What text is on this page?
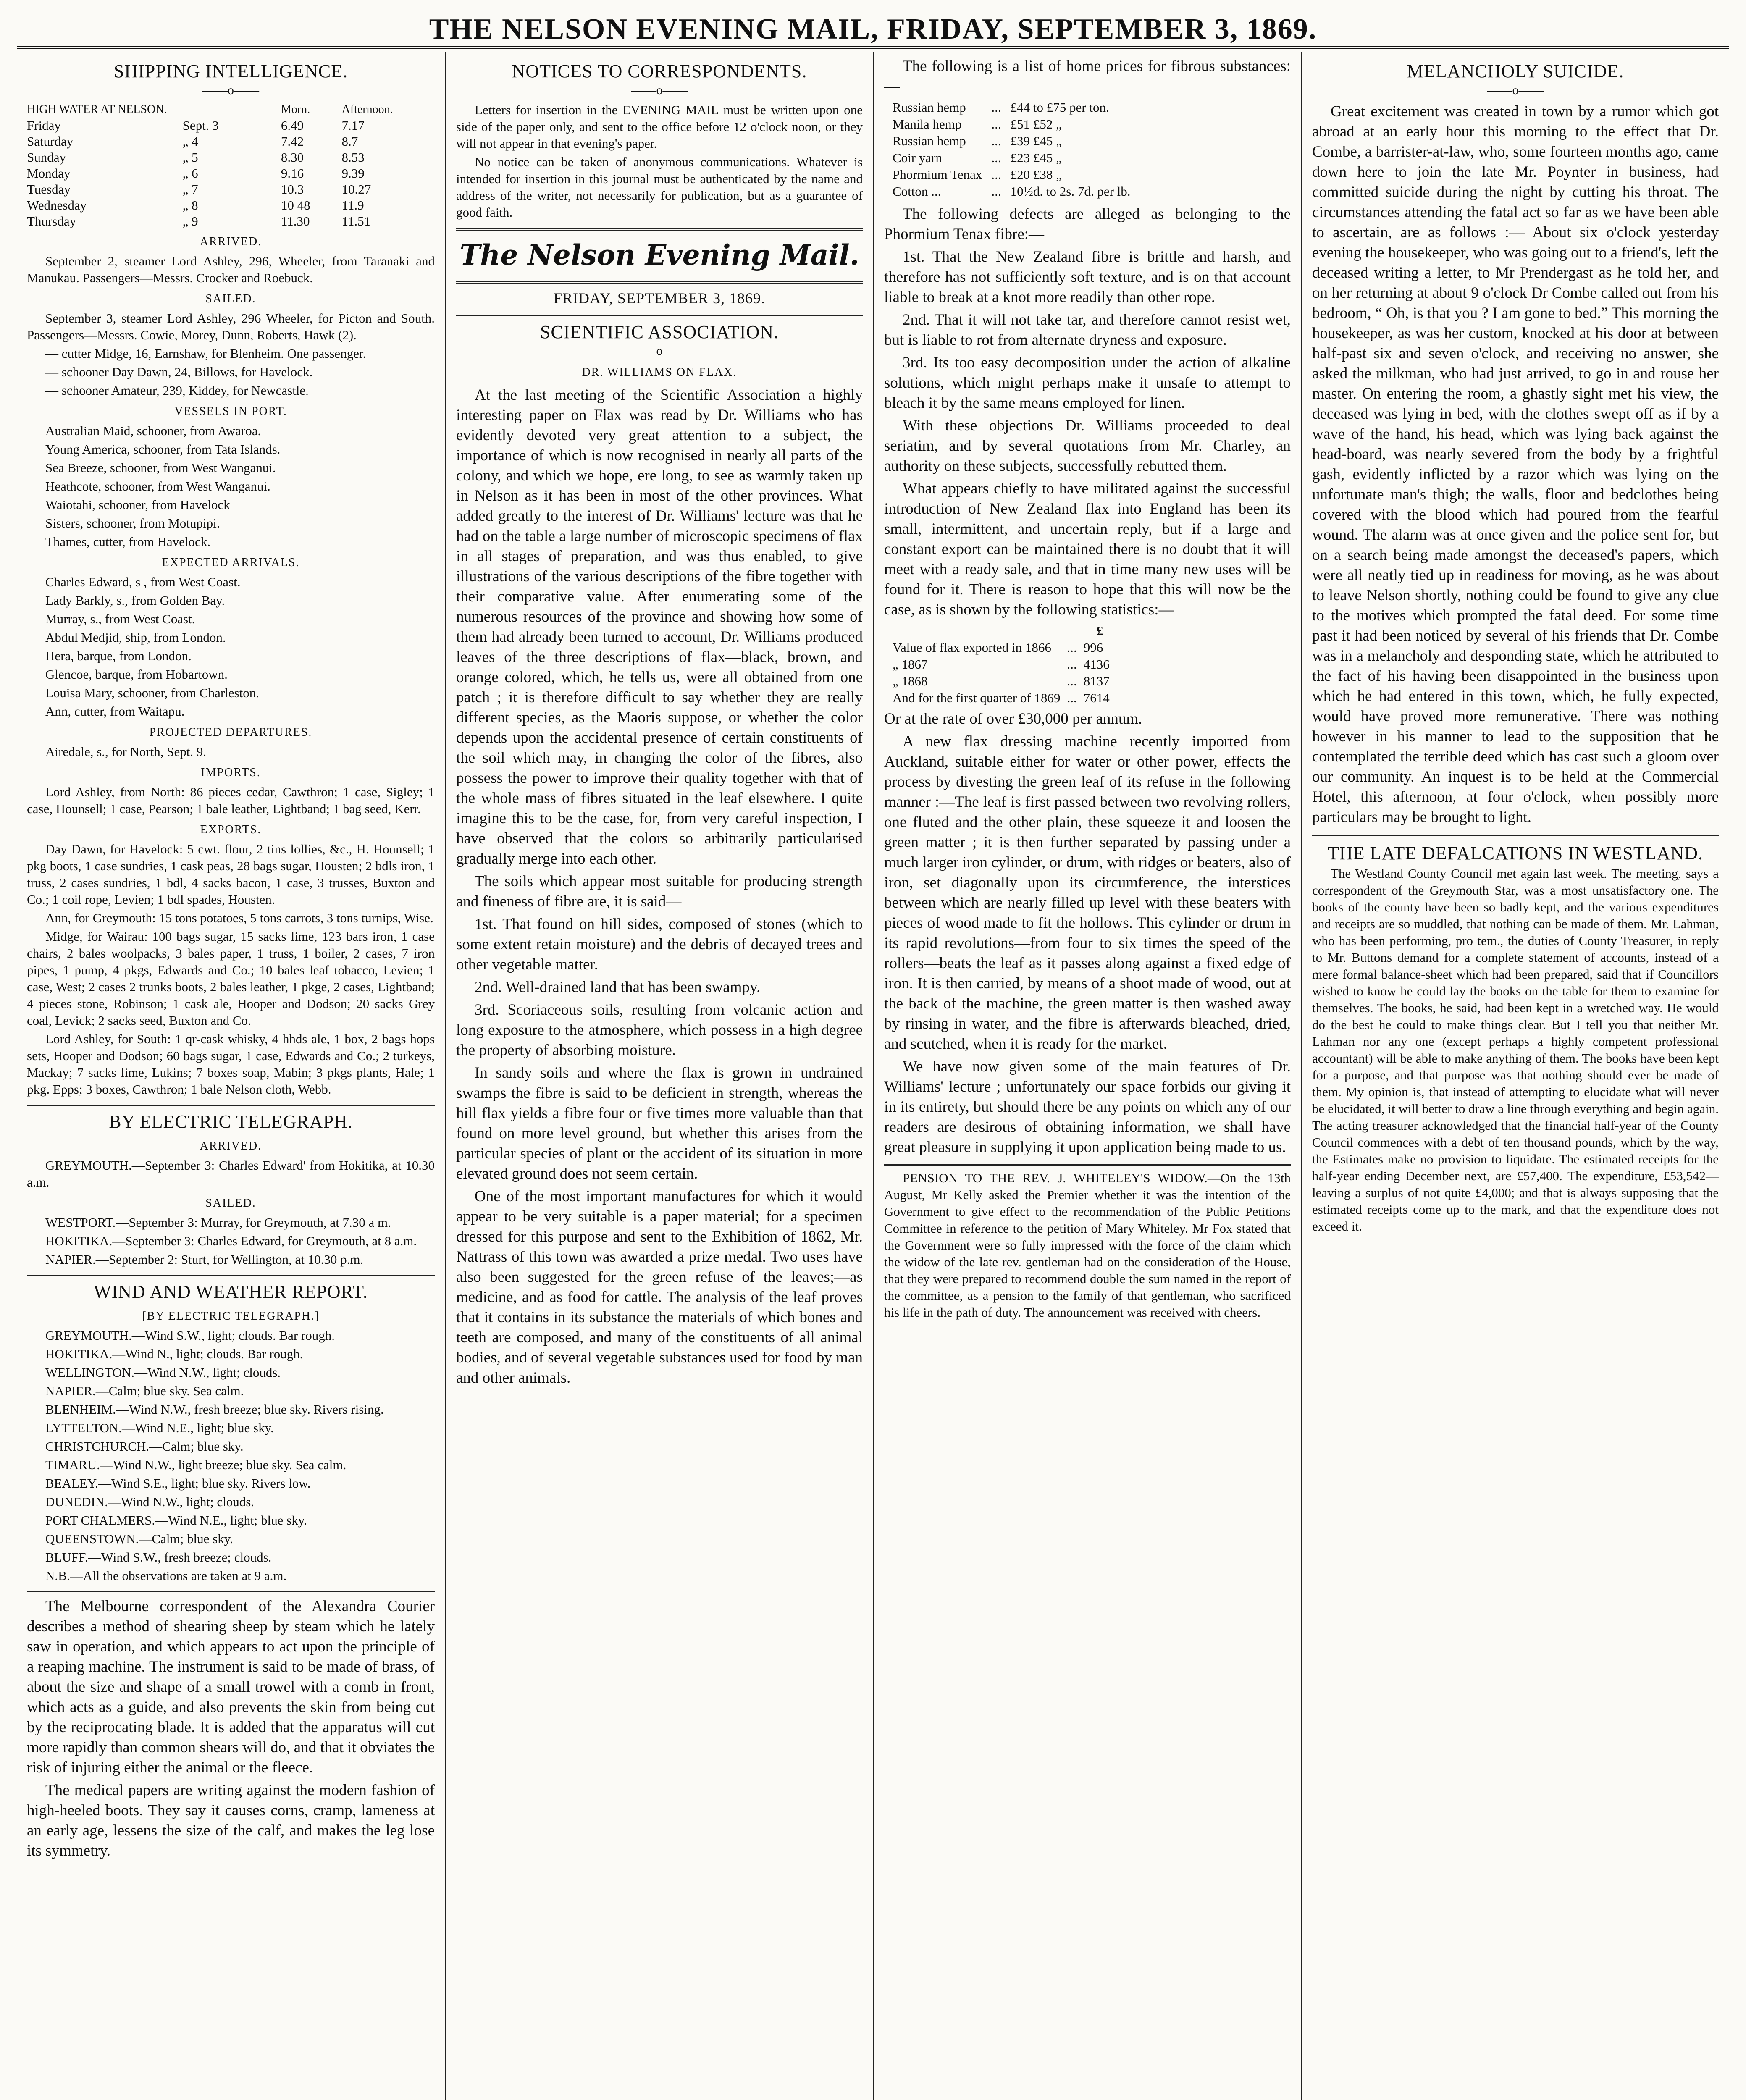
THE NELSON EVENING MAIL, FRIDAY, SEPTEMBER 3, 1869.
SHIPPING INTELLIGENCE.
——o——
HIGH WATER AT NELSON.		Morn.	Afternoon.
Friday	Sept. 3	6.49	7.17
Saturday	„ 4	7.42	8.7
Sunday	„ 5	8.30	8.53
Monday	„ 6	9.16	9.39
Tuesday	„ 7	10.3	10.27
Wednesday	„ 8	10 48	11.9
Thursday	„ 9	11.30	11.51
ARRIVED.

September 2, steamer Lord Ashley, 296, Wheeler, from Taranaki and Manukau. Passengers—Messrs. Crocker and Roebuck.

SAILED.

September 3, steamer Lord Ashley, 296 Wheeler, for Picton and South. Passengers—Messrs. Cowie, Morey, Dunn, Roberts, Hawk (2).

— cutter Midge, 16, Earnshaw, for Blenheim. One passenger.

— schooner Day Dawn, 24, Billows, for Havelock.

— schooner Amateur, 239, Kiddey, for Newcastle.

VESSELS IN PORT.

Australian Maid, schooner, from Awaroa.

Young America, schooner, from Tata Islands.

Sea Breeze, schooner, from West Wanganui.

Heathcote, schooner, from West Wanganui.

Waiotahi, schooner, from Havelock

Sisters, schooner, from Motupipi.

Thames, cutter, from Havelock.

EXPECTED ARRIVALS.

Charles Edward, s , from West Coast.

Lady Barkly, s., from Golden Bay.

Murray, s., from West Coast.

Abdul Medjid, ship, from London.

Hera, barque, from London.

Glencoe, barque, from Hobartown.

Louisa Mary, schooner, from Charleston.

Ann, cutter, from Waitapu.

PROJECTED DEPARTURES.

Airedale, s., for North, Sept. 9.

IMPORTS.

Lord Ashley, from North: 86 pieces cedar, Cawthron; 1 case, Sigley; 1 case, Hounsell; 1 case, Pearson; 1 bale leather, Lightband; 1 bag seed, Kerr.

EXPORTS.

Day Dawn, for Havelock: 5 cwt. flour, 2 tins lollies, &c., H. Hounsell; 1 pkg boots, 1 case sundries, 1 cask peas, 28 bags sugar, Housten; 2 bdls iron, 1 truss, 2 cases sundries, 1 bdl, 4 sacks bacon, 1 case, 3 trusses, Buxton and Co.; 1 coil rope, Levien; 1 bdl spades, Housten.

Ann, for Greymouth: 15 tons potatoes, 5 tons carrots, 3 tons turnips, Wise.

Midge, for Wairau: 100 bags sugar, 15 sacks lime, 123 bars iron, 1 case chairs, 2 bales woolpacks, 3 bales paper, 1 truss, 1 boiler, 2 cases, 7 iron pipes, 1 pump, 4 pkgs, Edwards and Co.; 10 bales leaf tobacco, Levien; 1 case, West; 2 cases 2 trunks boots, 2 bales leather, 1 pkge, 2 cases, Lightband; 4 pieces stone, Robinson; 1 cask ale, Hooper and Dodson; 20 sacks Grey coal, Levick; 2 sacks seed, Buxton and Co.

Lord Ashley, for South: 1 qr-cask whisky, 4 hhds ale, 1 box, 2 bags hops sets, Hooper and Dodson; 60 bags sugar, 1 case, Edwards and Co.; 2 turkeys, Mackay; 7 sacks lime, Lukins; 7 boxes soap, Mabin; 3 pkgs plants, Hale; 1 pkg. Epps; 3 boxes, Cawthron; 1 bale Nelson cloth, Webb.

BY ELECTRIC TELEGRAPH.
ARRIVED.

GREYMOUTH.—September 3: Charles Edward' from Hokitika, at 10.30 a.m.

SAILED.

WESTPORT.—September 3: Murray, for Greymouth, at 7.30 a m.

HOKITIKA.—September 3: Charles Edward, for Greymouth, at 8 a.m.

NAPIER.—September 2: Sturt, for Wellington, at 10.30 p.m.

WIND AND WEATHER REPORT.
[BY ELECTRIC TELEGRAPH.]

GREYMOUTH.—Wind S.W., light; clouds. Bar rough.

HOKITIKA.—Wind N., light; clouds. Bar rough.

WELLINGTON.—Wind N.W., light; clouds.

NAPIER.—Calm; blue sky. Sea calm.

BLENHEIM.—Wind N.W., fresh breeze; blue sky. Rivers rising.

LYTTELTON.—Wind N.E., light; blue sky.

CHRISTCHURCH.—Calm; blue sky.

TIMARU.—Wind N.W., light breeze; blue sky. Sea calm.

BEALEY.—Wind S.E., light; blue sky. Rivers low.

DUNEDIN.—Wind N.W., light; clouds.

PORT CHALMERS.—Wind N.E., light; blue sky.

QUEENSTOWN.—Calm; blue sky.

BLUFF.—Wind S.W., fresh breeze; clouds.

N.B.—All the observations are taken at 9 a.m.

The Melbourne correspondent of the Alexandra Courier describes a method of shearing sheep by steam which he lately saw in operation, and which appears to act upon the principle of a reaping machine. The instrument is said to be made of brass, of about the size and shape of a small trowel with a comb in front, which acts as a guide, and also prevents the skin from being cut by the reciprocating blade. It is added that the apparatus will cut more rapidly than common shears will do, and that it obviates the risk of injuring either the animal or the fleece.

The medical papers are writing against the modern fashion of high-heeled boots. They say it causes corns, cramp, lameness at an early age, lessens the size of the calf, and makes the leg lose its symmetry.

NOTICES TO CORRESPONDENTS.
——o——

Letters for insertion in the EVENING MAIL must be written upon one side of the paper only, and sent to the office before 12 o'clock noon, or they will not appear in that evening's paper.

No notice can be taken of anonymous communications. Whatever is intended for insertion in this journal must be authenticated by the name and address of the writer, not necessarily for publication, but as a guarantee of good faith.

The Nelson Evening Mail.
FRIDAY, SEPTEMBER 3, 1869.
SCIENTIFIC ASSOCIATION.
——o——
DR. WILLIAMS ON FLAX.

At the last meeting of the Scientific Association a highly interesting paper on Flax was read by Dr. Williams who has evidently devoted very great attention to a subject, the importance of which is now recognised in nearly all parts of the colony, and which we hope, ere long, to see as warmly taken up in Nelson as it has been in most of the other provinces. What added greatly to the interest of Dr. Williams' lecture was that he had on the table a large number of microscopic specimens of flax in all stages of preparation, and was thus enabled, to give illustrations of the various descriptions of the fibre together with their comparative value. After enumerating some of the numerous resources of the province and showing how some of them had already been turned to account, Dr. Williams produced leaves of the three descriptions of flax—black, brown, and orange colored, which, he tells us, were all obtained from one patch ; it is therefore difficult to say whether they are really different species, as the Maoris suppose, or whether the color depends upon the accidental presence of certain constituents of the soil which may, in changing the color of the fibres, also possess the power to improve their quality together with that of the whole mass of fibres situated in the leaf elsewhere. I quite imagine this to be the case, for, from very careful inspection, I have observed that the colors so arbitrarily particularised gradually merge into each other.

The soils which appear most suitable for producing strength and fineness of fibre are, it is said—

1st. That found on hill sides, composed of stones (which to some extent retain moisture) and the debris of decayed trees and other vegetable matter.

2nd. Well-drained land that has been swampy.

3rd. Scoriaceous soils, resulting from volcanic action and long exposure to the atmosphere, which possess in a high degree the property of absorbing moisture.

In sandy soils and where the flax is grown in undrained swamps the fibre is said to be deficient in strength, whereas the hill flax yields a fibre four or five times more valuable than that found on more level ground, but whether this arises from the particular species of plant or the accident of its situation in more elevated ground does not seem certain.

One of the most important manufactures for which it would appear to be very suitable is a paper material; for a specimen dressed for this purpose and sent to the Exhibition of 1862, Mr. Nattrass of this town was awarded a prize medal. Two uses have also been suggested for the green refuse of the leaves;—as medicine, and as food for cattle. The analysis of the leaf proves that it contains in its substance the materials of which bones and teeth are composed, and many of the constituents of all animal bodies, and of several vegetable substances used for food by man and other animals.

The following is a list of home prices for fibrous substances:—

Russian hemp	...	£44 to £75 per ton.
Manila hemp	...	£51 £52 „
Russian hemp	...	£39 £45 „
Coir yarn	...	£23 £45 „
Phormium Tenax	...	£20 £38 „
Cotton ...	...	10½d. to 2s. 7d. per lb.

The following defects are alleged as belonging to the Phormium Tenax fibre:—

1st. That the New Zealand fibre is brittle and harsh, and therefore has not sufficiently soft texture, and is on that account liable to break at a knot more readily than other rope.

2nd. That it will not take tar, and therefore cannot resist wet, but is liable to rot from alternate dryness and exposure.

3rd. Its too easy decomposition under the action of alkaline solutions, which might perhaps make it unsafe to attempt to bleach it by the same means employed for linen.

With these objections Dr. Williams proceeded to deal seriatim, and by several quotations from Mr. Charley, an authority on these subjects, successfully rebutted them.

What appears chiefly to have militated against the successful introduction of New Zealand flax into England has been its small, intermittent, and uncertain reply, but if a large and constant export can be maintained there is no doubt that it will meet with a ready sale, and that in time many new uses will be found for it. There is reason to hope that this will now be the case, as is shown by the following statistics:—

		£
Value of flax exported in 1866	...	996
„ 1867	...	4136
„ 1868	...	8137
And for the first quarter of 1869	...	7614

Or at the rate of over £30,000 per annum.

A new flax dressing machine recently imported from Auckland, suitable either for water or other power, effects the process by divesting the green leaf of its refuse in the following manner :—The leaf is first passed between two revolving rollers, one fluted and the other plain, these squeeze it and loosen the green matter ; it is then further separated by passing under a much larger iron cylinder, or drum, with ridges or beaters, also of iron, set diagonally upon its circumference, the interstices between which are nearly filled up level with these beaters with pieces of wood made to fit the hollows. This cylinder or drum in its rapid revolutions—from four to six times the speed of the rollers—beats the leaf as it passes along against a fixed edge of iron. It is then carried, by means of a shoot made of wood, out at the back of the machine, the green matter is then washed away by rinsing in water, and the fibre is afterwards bleached, dried, and scutched, when it is ready for the market.

We have now given some of the main features of Dr. Williams' lecture ; unfortunately our space forbids our giving it in its entirety, but should there be any points on which any of our readers are desirous of obtaining information, we shall have great pleasure in supplying it upon application being made to us.

PENSION TO THE REV. J. WHITELEY'S WIDOW.—On the 13th August, Mr Kelly asked the Premier whether it was the intention of the Government to give effect to the recommendation of the Public Petitions Committee in reference to the petition of Mary Whiteley. Mr Fox stated that the Government were so fully impressed with the force of the claim which the widow of the late rev. gentleman had on the consideration of the House, that they were prepared to recommend double the sum named in the report of the committee, as a pension to the family of that gentleman, who sacrificed his life in the path of duty. The announcement was received with cheers.

MELANCHOLY SUICIDE.
——o——

Great excitement was created in town by a rumor which got abroad at an early hour this morning to the effect that Dr. Combe, a barrister-at-law, who, some fourteen months ago, came down here to join the late Mr. Poynter in business, had committed suicide during the night by cutting his throat. The circumstances attending the fatal act so far as we have been able to ascertain, are as follows :— About six o'clock yesterday evening the housekeeper, who was going out to a friend's, left the deceased writing a letter, to Mr Prendergast as he told her, and on her returning at about 9 o'clock Dr Combe called out from his bedroom, “ Oh, is that you ? I am gone to bed.” This morning the housekeeper, as was her custom, knocked at his door at between half-past six and seven o'clock, and receiving no answer, she asked the milkman, who had just arrived, to go in and rouse her master. On entering the room, a ghastly sight met his view, the deceased was lying in bed, with the clothes swept off as if by a wave of the hand, his head, which was lying back against the head-board, was nearly severed from the body by a frightful gash, evidently inflicted by a razor which was lying on the unfortunate man's thigh; the walls, floor and bedclothes being covered with the blood which had poured from the fearful wound. The alarm was at once given and the police sent for, but on a search being made amongst the deceased's papers, which were all neatly tied up in readiness for moving, as he was about to leave Nelson shortly, nothing could be found to give any clue to the motives which prompted the fatal deed. For some time past it had been noticed by several of his friends that Dr. Combe was in a melancholy and desponding state, which he attributed to the fact of his having been disappointed in the business upon which he had entered in this town, which, he fully expected, would have proved more remunerative. There was nothing however in his manner to lead to the supposition that he contemplated the terrible deed which has cast such a gloom over our community. An inquest is to be held at the Commercial Hotel, this afternoon, at four o'clock, when possibly more particulars may be brought to light.

THE LATE DEFALCATIONS IN WESTLAND.

The Westland County Council met again last week. The meeting, says a correspondent of the Greymouth Star, was a most unsatisfactory one. The books of the county have been so badly kept, and the various expenditures and receipts are so muddled, that nothing can be made of them. Mr. Lahman, who has been performing, pro tem., the duties of County Treasurer, in reply to Mr. Buttons demand for a complete statement of accounts, instead of a mere formal balance-sheet which had been prepared, said that if Councillors wished to know he could lay the books on the table for them to examine for themselves. The books, he said, had been kept in a wretched way. He would do the best he could to make things clear. But I tell you that neither Mr. Lahman nor any one (except perhaps a highly competent professional accountant) will be able to make anything of them. The books have been kept for a purpose, and that purpose was that nothing should ever be made of them. My opinion is, that instead of attempting to elucidate what will never be elucidated, it will better to draw a line through everything and begin again. The acting treasurer acknowledged that the financial half-year of the County Council commences with a debt of ten thousand pounds, which by the way, the Estimates make no provision to liquidate. The estimated receipts for the half-year ending December next, are £57,400. The expenditure, £53,542— leaving a surplus of not quite £4,000; and that is always supposing that the estimated receipts come up to the mark, and that the expenditure does not exceed it.
